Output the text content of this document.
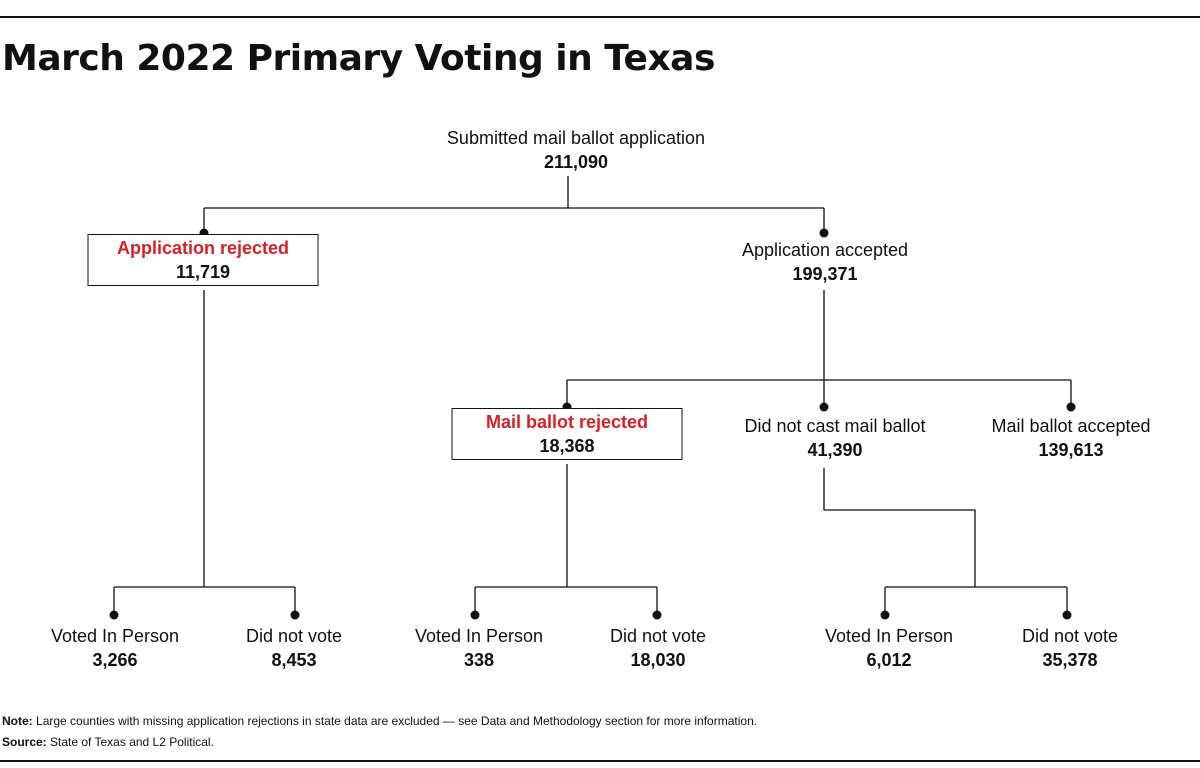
March 2022 Primary Voting in Texas
Submitted mail ballot application
211,090
Application rejected
11,719
Application accepted
199,371
Mail ballot rejected
18,368
Did not cast mail ballot
41,390
Mail ballot accepted
139,613
Voted In Person
3,266
Did not vote
8,453
Voted In Person
338
Did not vote
18,030
Voted In Person
6,012
Did not vote
35,378
Note: Large counties with missing application rejections in state data are excluded — see Data and Methodology section for more information.
Source: State of Texas and L2 Political.
